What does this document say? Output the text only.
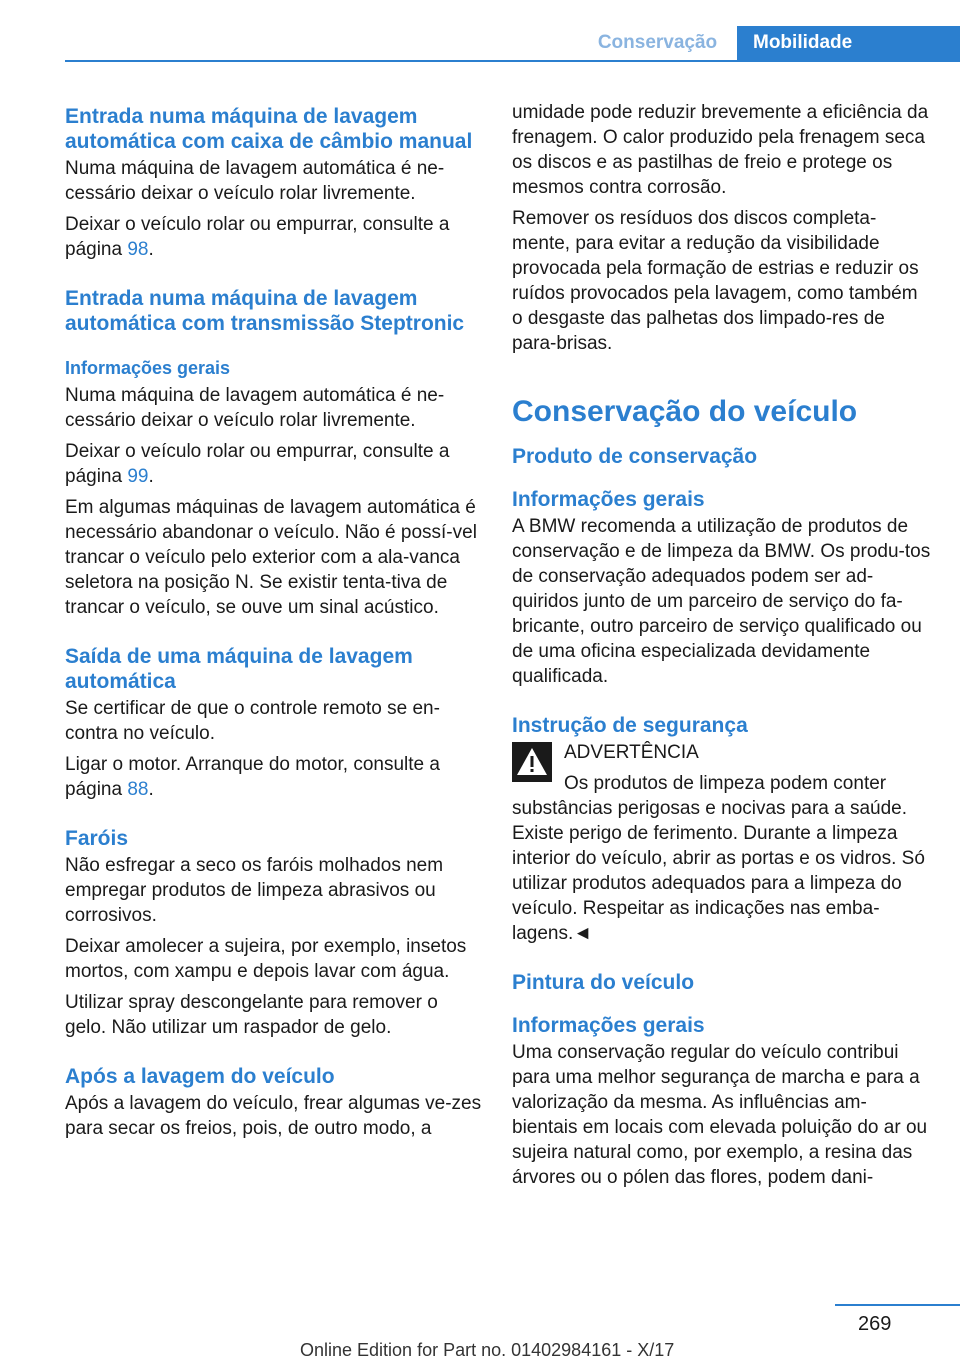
Conservação	Mobilidade
Entrada numa máquina de lavagem automática com caixa de câmbio manual

Numa máquina de lavagem automática é ne-cessário deixar o veículo rolar livremente.

Deixar o veículo rolar ou empurrar, consulte a página 98.

Entrada numa máquina de lavagem automática com transmissão Steptronic
Informações gerais

Numa máquina de lavagem automática é ne-cessário deixar o veículo rolar livremente.

Deixar o veículo rolar ou empurrar, consulte a página 99.

Em algumas máquinas de lavagem automática é necessário abandonar o veículo. Não é possí-vel trancar o veículo pelo exterior com a ala-vanca seletora na posição N. Se existir tenta-tiva de trancar o veículo, se ouve um sinal acústico.

Saída de uma máquina de lavagem automática

Se certificar de que o controle remoto se en-contra no veículo.

Ligar o motor. Arranque do motor, consulte a página 88.

Faróis

Não esfregar a seco os faróis molhados nem empregar produtos de limpeza abrasivos ou corrosivos.

Deixar amolecer a sujeira, por exemplo, insetos mortos, com xampu e depois lavar com água.

Utilizar spray descongelante para remover o gelo. Não utilizar um raspador de gelo.

Após a lavagem do veículo

Após a lavagem do veículo, frear algumas ve-zes para secar os freios, pois, de outro modo, a

umidade pode reduzir brevemente a eficiência da frenagem. O calor produzido pela frenagem seca os discos e as pastilhas de freio e protege os mesmos contra corrosão.

Remover os resíduos dos discos completa-mente, para evitar a redução da visibilidade provocada pela formação de estrias e reduzir os ruídos provocados pela lavagem, como também o desgaste das palhetas dos limpado-res de para-brisas.

Conservação do veículo
Produto de conservação
Informações gerais

A BMW recomenda a utilização de produtos de conservação e de limpeza da BMW. Os produ-tos de conservação adequados podem ser ad-quiridos junto de um parceiro de serviço do fa-bricante, outro parceiro de serviço qualificado ou de uma oficina especializada devidamente qualificada.

Instrução de segurança

ADVERTÊNCIA

Os produtos de limpeza podem conter

substâncias perigosas e nocivas para a saúde. Existe perigo de ferimento. Durante a limpeza interior do veículo, abrir as portas e os vidros. Só utilizar produtos adequados para a limpeza do veículo. Respeitar as indicações nas emba-lagens.◄

Pintura do veículo
Informações gerais

Uma conservação regular do veículo contribui para uma melhor segurança de marcha e para a valorização da mesma. As influências am-bientais em locais com elevada poluição do ar ou sujeira natural como, por exemplo, a resina das árvores ou o pólen das flores, podem dani-

269
Online Edition for Part no. 01402984161 - X/17
